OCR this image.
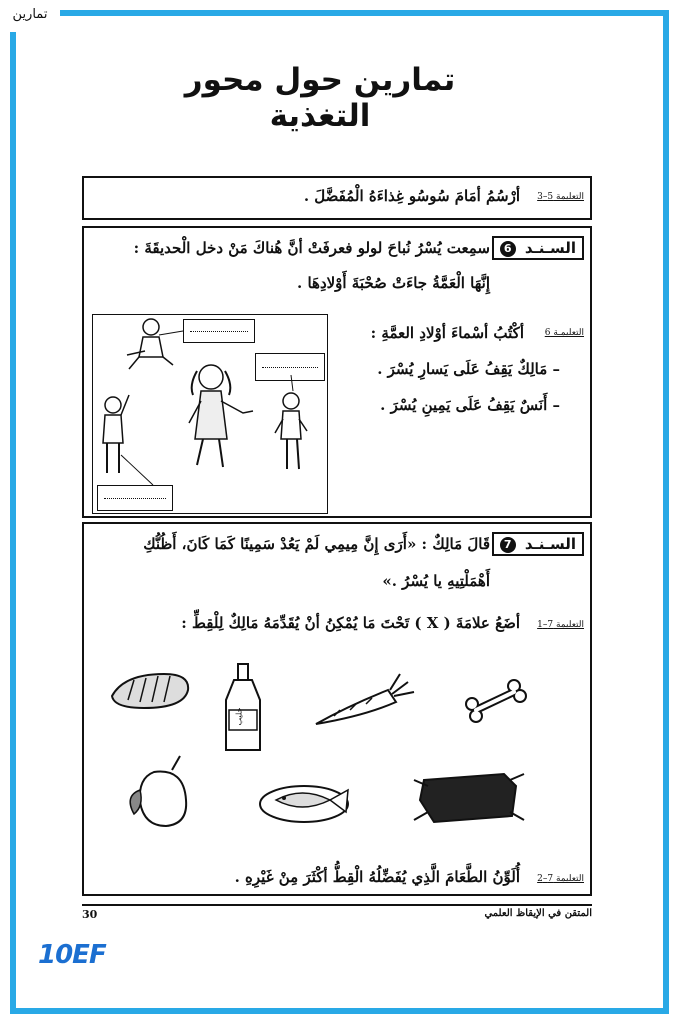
تمارين
تمارين حول محور التغذية
التعليمة 5–3
أرْسُمُ أمَامَ سُوسُو غِذاءَهُ الْمُفَضَّلَ .
السـنـد 6
سمِعت يُسْرُ نُباحَ لولو فعرفَتْ أنَّ هُناكَ مَنْ دخل الْحديقَةَ :
إِنَّهَا الْعَمَّةُ جاءَتْ صُحْبَةَ أَوْلادِهَا .
التعليمـة 6
أكْتُبُ أسْماءَ أوْلادِ العمَّةِ :
– مَالِكٌ يَقِفُ عَلَى يَسارِ يُسْرَ .
– أَنَسٌ يَقِفُ عَلَى يَمِينِ يُسْرَ .
السـنـد 7
قَالَ مَالِكٌ : «أَرَى إِنَّ مِيمِي لَمْ يَعُدْ سَمِينًا كَمَا كَانَ، أَظُنُّكِ
أَهْمَلْتِيهِ يا يُسْرُ .»
التعليمة 7–1
أضَعُ علامَةَ ( X ) تَحْتَ مَا يُمْكِنُ أنْ يُقَدِّمَهُ مَالِكٌ لِلْقِطِّ :
حليب
التعليمة 7–2
أُلَوِّنُ الطَّعَامَ الَّذِي يُفَضِّلُهُ الْقِطُّ أكْثَرَ مِنْ غَيْرِهِ .
30	المتقن في الإيقاظ العلمي
10EF
